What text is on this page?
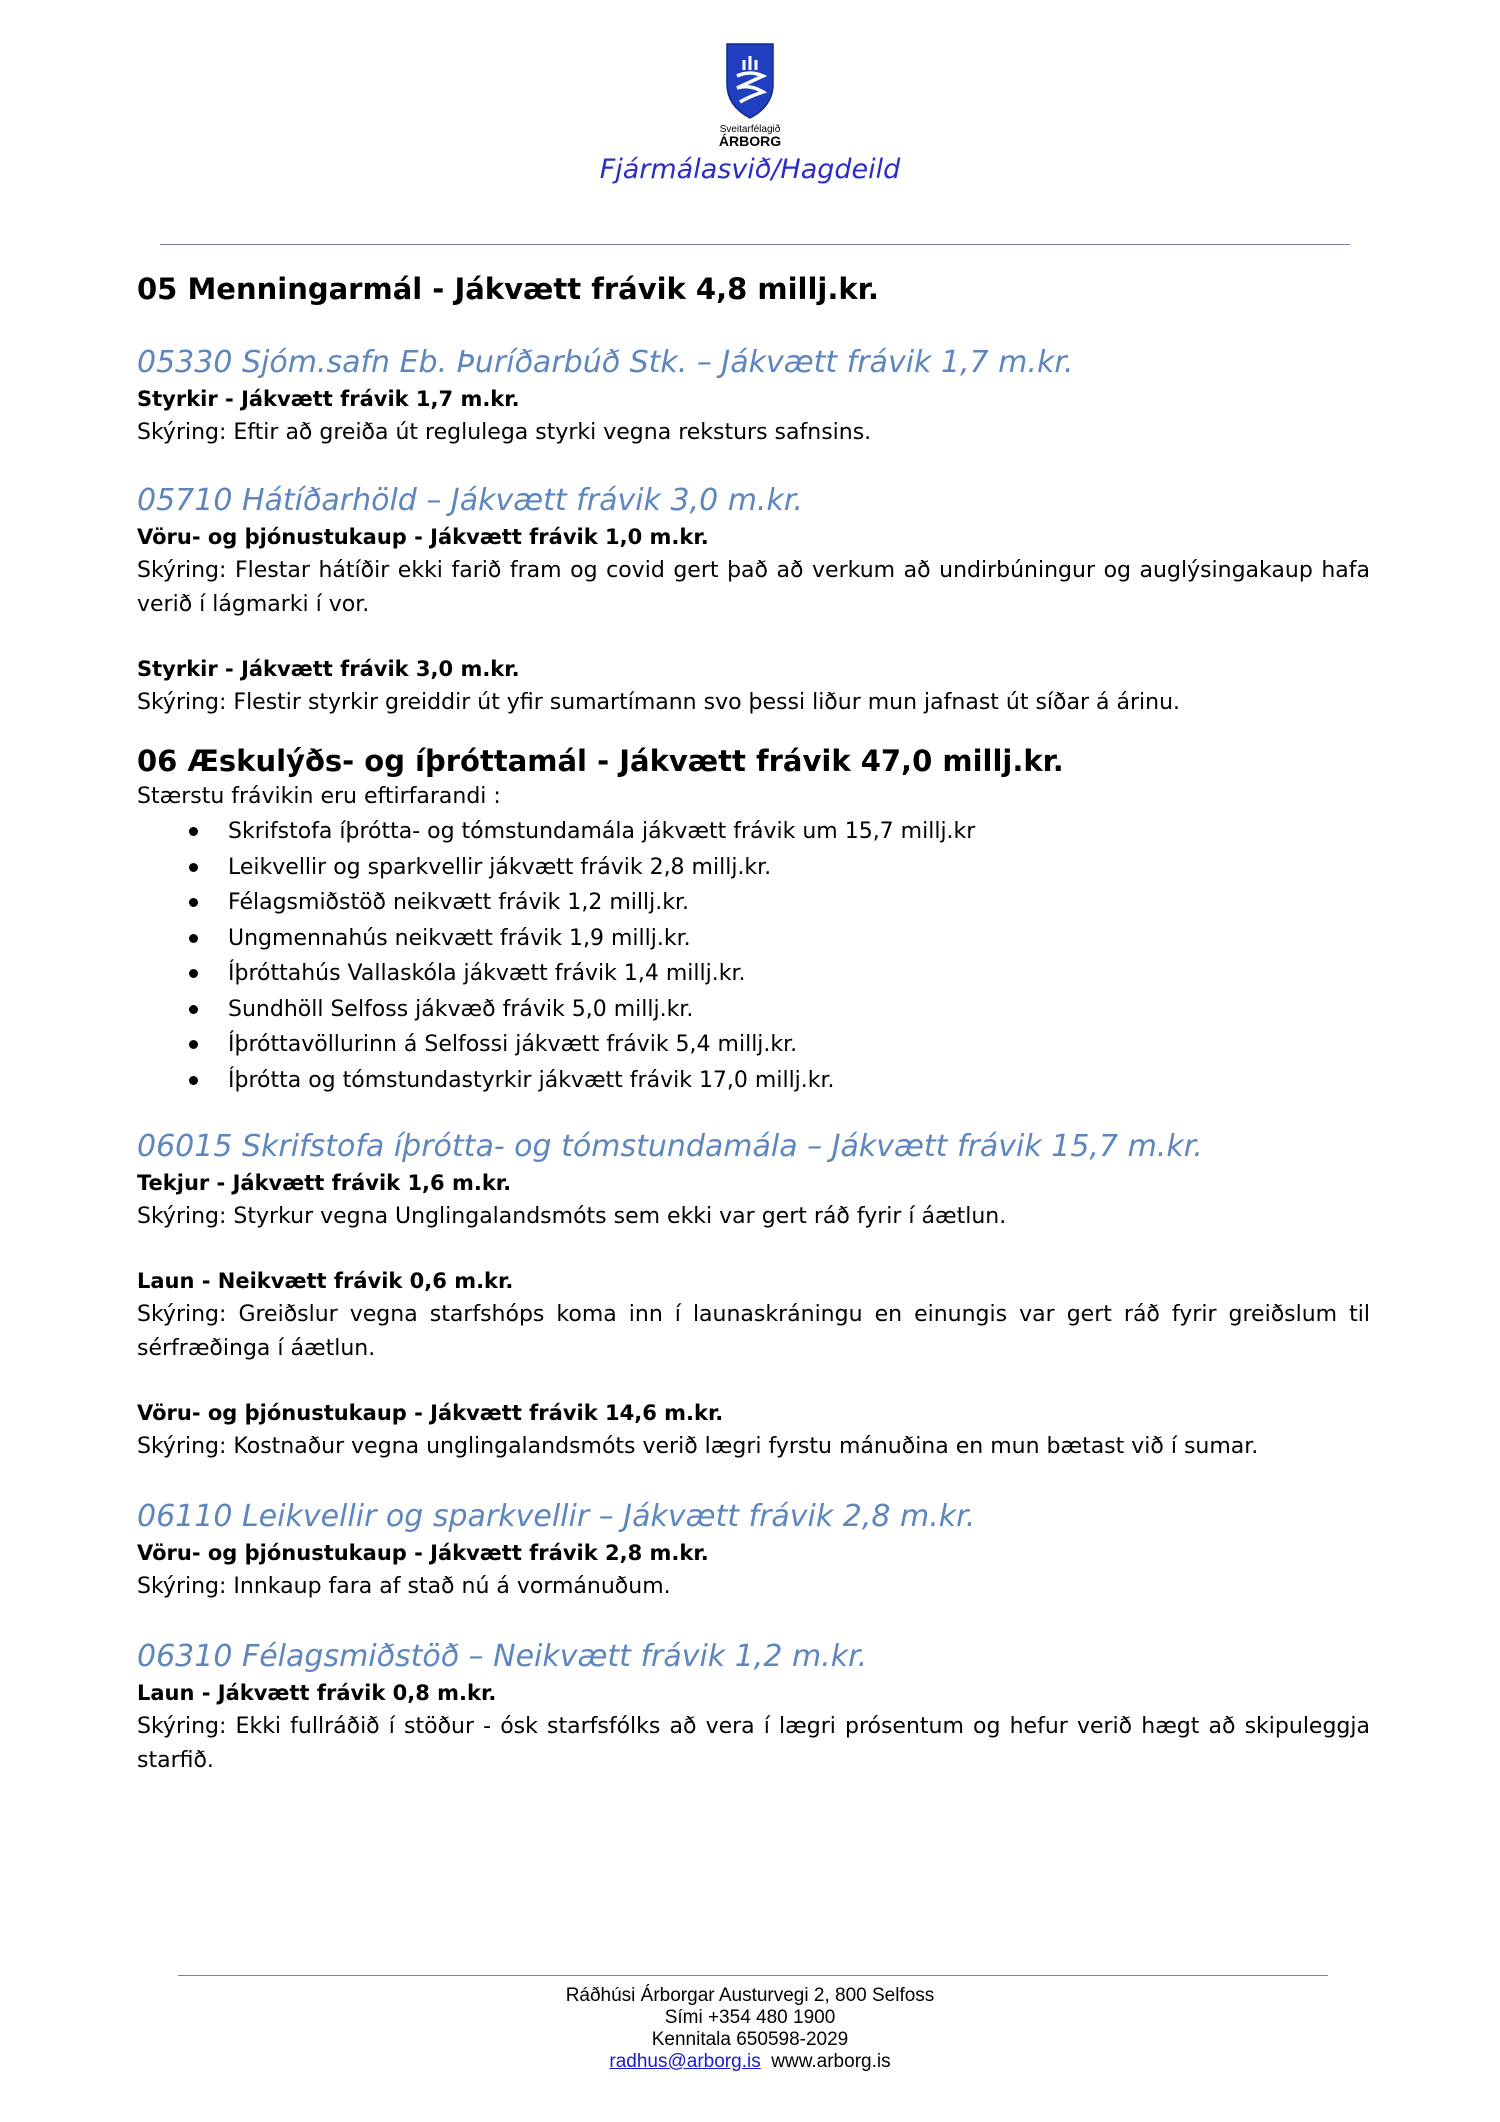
Sveitarfélagið
ÁRBORG
Fjármálasvið/Hagdeild

05 Menningarmál - Jákvætt frávik 4,8 millj.kr.

05330 Sjóm.safn Eb. Þuríðarbúð Stk. – Jákvætt frávik 1,7 m.kr.

Styrkir - Jákvætt frávik 1,7 m.kr.

Skýring: Eftir að greiða út reglulega styrki vegna reksturs safnsins.

05710 Hátíðarhöld – Jákvætt frávik 3,0 m.kr.

Vöru- og þjónustukaup - Jákvætt frávik 1,0 m.kr.

Skýring: Flestar hátíðir ekki farið fram og covid gert það að verkum að undirbúningur og auglýsingakaup hafa verið í lágmarki í vor.

Styrkir - Jákvætt frávik 3,0 m.kr.

Skýring: Flestir styrkir greiddir út yfir sumartímann svo þessi liður mun jafnast út síðar á árinu.

06 Æskulýðs- og íþróttamál - Jákvætt frávik 47,0 millj.kr.

Stærstu frávikin eru eftirfarandi :

Skrifstofa íþrótta- og tómstundamála jákvætt frávik um 15,7 millj.kr
Leikvellir og sparkvellir jákvætt frávik 2,8 millj.kr.
Félagsmiðstöð neikvætt frávik 1,2 millj.kr.
Ungmennahús neikvætt frávik 1,9 millj.kr.
Íþróttahús Vallaskóla jákvætt frávik 1,4 millj.kr.
Sundhöll Selfoss jákvæð frávik 5,0 millj.kr.
Íþróttavöllurinn á Selfossi jákvætt frávik 5,4 millj.kr.
Íþrótta og tómstundastyrkir jákvætt frávik 17,0 millj.kr.

06015 Skrifstofa íþrótta- og tómstundamála – Jákvætt frávik 15,7 m.kr.

Tekjur - Jákvætt frávik 1,6 m.kr.

Skýring: Styrkur vegna Unglingalandsmóts sem ekki var gert ráð fyrir í áætlun.

Laun - Neikvætt frávik 0,6 m.kr.

Skýring: Greiðslur vegna starfshóps koma inn í launaskráningu en einungis var gert ráð fyrir greiðslum til sérfræðinga í áætlun.

Vöru- og þjónustukaup - Jákvætt frávik 14,6 m.kr.

Skýring: Kostnaður vegna unglingalandsmóts verið lægri fyrstu mánuðina en mun bætast við í sumar.

06110 Leikvellir og sparkvellir – Jákvætt frávik 2,8 m.kr.

Vöru- og þjónustukaup - Jákvætt frávik 2,8 m.kr.

Skýring: Innkaup fara af stað nú á vormánuðum.

06310 Félagsmiðstöð – Neikvætt frávik 1,2 m.kr.

Laun - Jákvætt frávik 0,8 m.kr.

Skýring: Ekki fullráðið í stöður - ósk starfsfólks að vera í lægri prósentum og hefur verið hægt að skipuleggja starfið.

Ráðhúsi Árborgar Austurvegi 2, 800 Selfoss
Sími +354 480 1900
Kennitala 650598-2029
radhus@arborg.is www.arborg.is
